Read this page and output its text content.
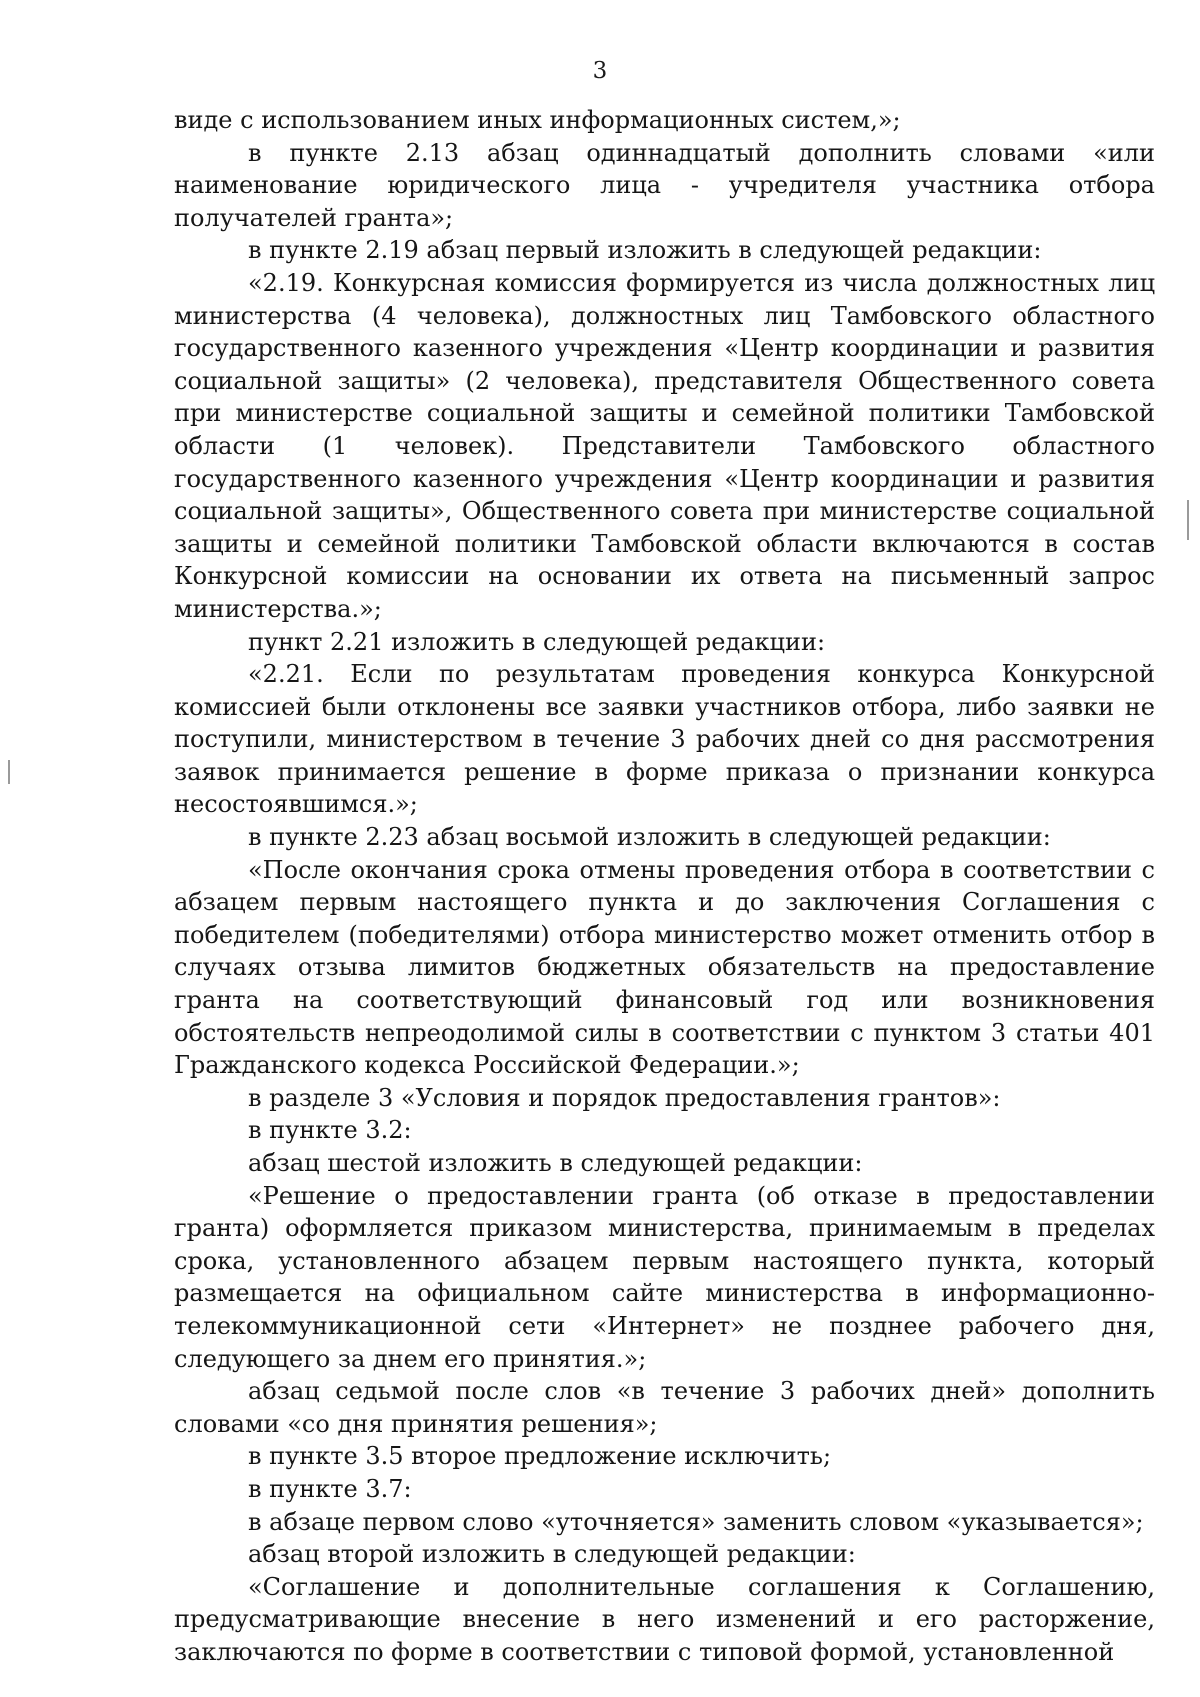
3

виде с использованием иных информационных систем,»;

в пункте 2.13 абзац одиннадцатый дополнить словами «или наименование юридического лица - учредителя участника отбора получателей гранта»;

в пункте 2.19 абзац первый изложить в следующей редакции:

«2.19. Конкурсная комиссия формируется из числа должностных лиц министерства (4 человека), должностных лиц Тамбовского областного государственного казенного учреждения «Центр координации и развития социальной защиты» (2 человека), представителя Общественного совета при министерстве социальной защиты и семейной политики Тамбовской области (1 человек). Представители Тамбовского областного государственного казенного учреждения «Центр координации и развития социальной защиты», Общественного совета при министерстве социальной защиты и семейной политики Тамбовской области включаются в состав Конкурсной комиссии на основании их ответа на письменный запрос министерства.»;

пункт 2.21 изложить в следующей редакции:

«2.21. Если по результатам проведения конкурса Конкурсной комиссией были отклонены все заявки участников отбора, либо заявки не поступили, министерством в течение 3 рабочих дней со дня рассмотрения заявок принимается решение в форме приказа о признании конкурса несостоявшимся.»;

в пункте 2.23 абзац восьмой изложить в следующей редакции:

«После окончания срока отмены проведения отбора в соответствии с абзацем первым настоящего пункта и до заключения Соглашения с победителем (победителями) отбора министерство может отменить отбор в случаях отзыва лимитов бюджетных обязательств на предоставление гранта на соответствующий финансовый год или возникновения обстоятельств непреодолимой силы в соответствии с пунктом 3 статьи 401 Гражданского кодекса Российской Федерации.»;

в разделе 3 «Условия и порядок предоставления грантов»:

в пункте 3.2:

абзац шестой изложить в следующей редакции:

«Решение о предоставлении гранта (об отказе в предоставлении гранта) оформляется приказом министерства, принимаемым в пределах срока, установленного абзацем первым настоящего пункта, который размещается на официальном сайте министерства в информационно-телекоммуникационной сети «Интернет» не позднее рабочего дня, следующего за днем его принятия.»;

абзац седьмой после слов «в течение 3 рабочих дней» дополнить словами «со дня принятия решения»;

в пункте 3.5 второе предложение исключить;

в пункте 3.7:

в абзаце первом слово «уточняется» заменить словом «указывается»;

абзац второй изложить в следующей редакции:

«Соглашение и дополнительные соглашения к Соглашению, предусматривающие внесение в него изменений и его расторжение, заключаются по форме в соответствии с типовой формой, установленной
